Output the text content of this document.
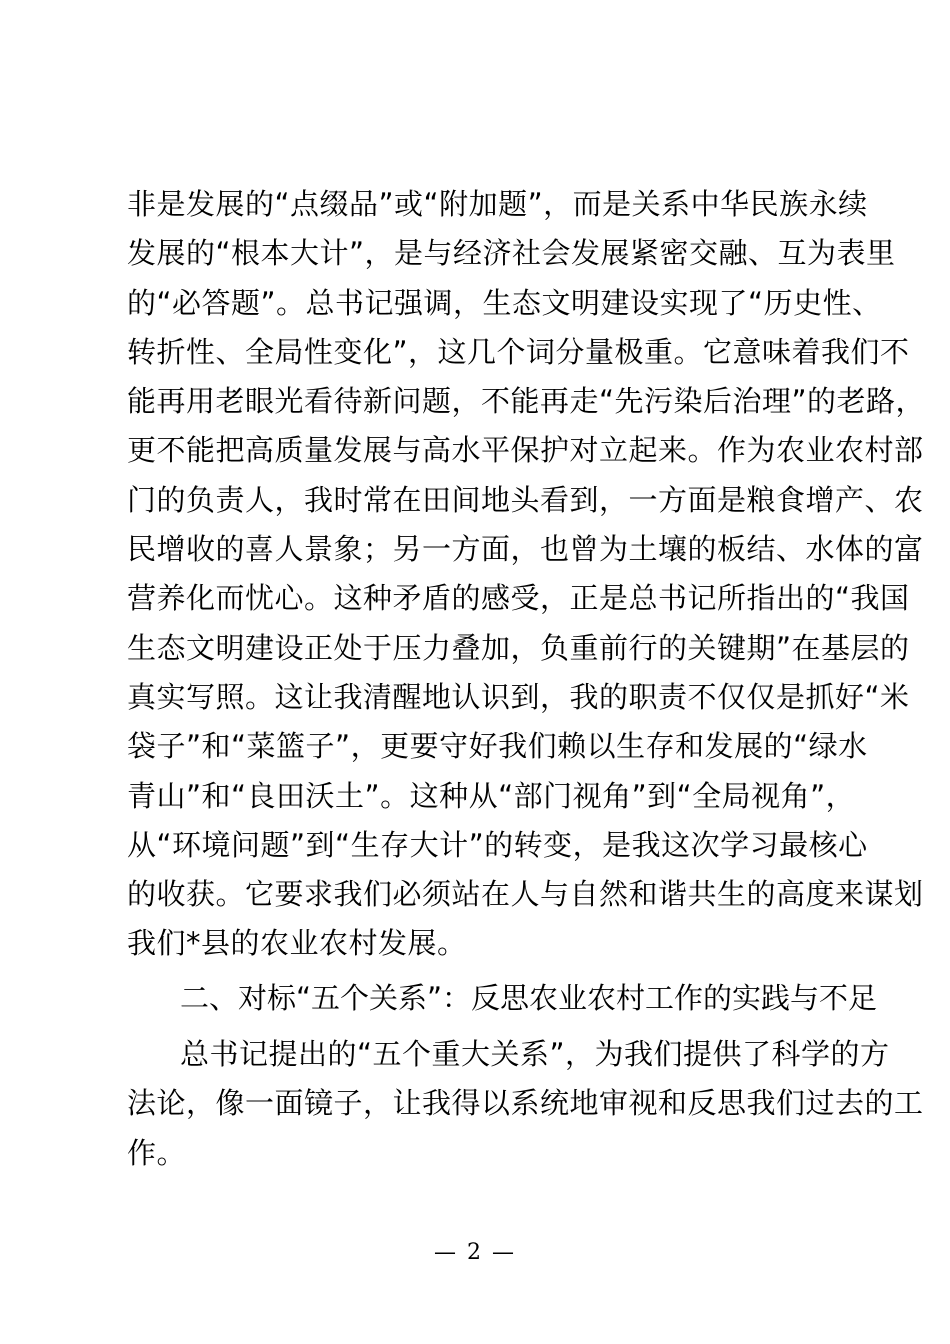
非是发展的“点缀品”或“附加题”，而是关系中华民族永续
发展的“根本大计”，是与经济社会发展紧密交融、互为表里
的“必答题”。总书记强调，生态文明建设实现了“历史性、
转折性、全局性变化”，这几个词分量极重。它意味着我们不
能再用老眼光看待新问题，不能再走“先污染后治理”的老路，
更不能把高质量发展与高水平保护对立起来。作为农业农村部
门的负责人，我时常在田间地头看到，一方面是粮食增产、农
民增收的喜人景象；另一方面，也曾为土壤的板结、水体的富
营养化而忧心。这种矛盾的感受，正是总书记所指出的“我国
生态文明建设正处于压力叠加，负重前行的关键期”在基层的
真实写照。这让我清醒地认识到，我的职责不仅仅是抓好“米
袋子”和“菜篮子”，更要守好我们赖以生存和发展的“绿水
青山”和“良田沃土”。这种从“部门视角”到“全局视角”，
从“环境问题”到“生存大计”的转变，是我这次学习最核心
的收获。它要求我们必须站在人与自然和谐共生的高度来谋划
我们*县的农业农村发展。
二、对标“五个关系”：反思农业农村工作的实践与不足
总书记提出的“五个重大关系”，为我们提供了科学的方
法论，像一面镜子，让我得以系统地审视和反思我们过去的工
作。
— 2 —
